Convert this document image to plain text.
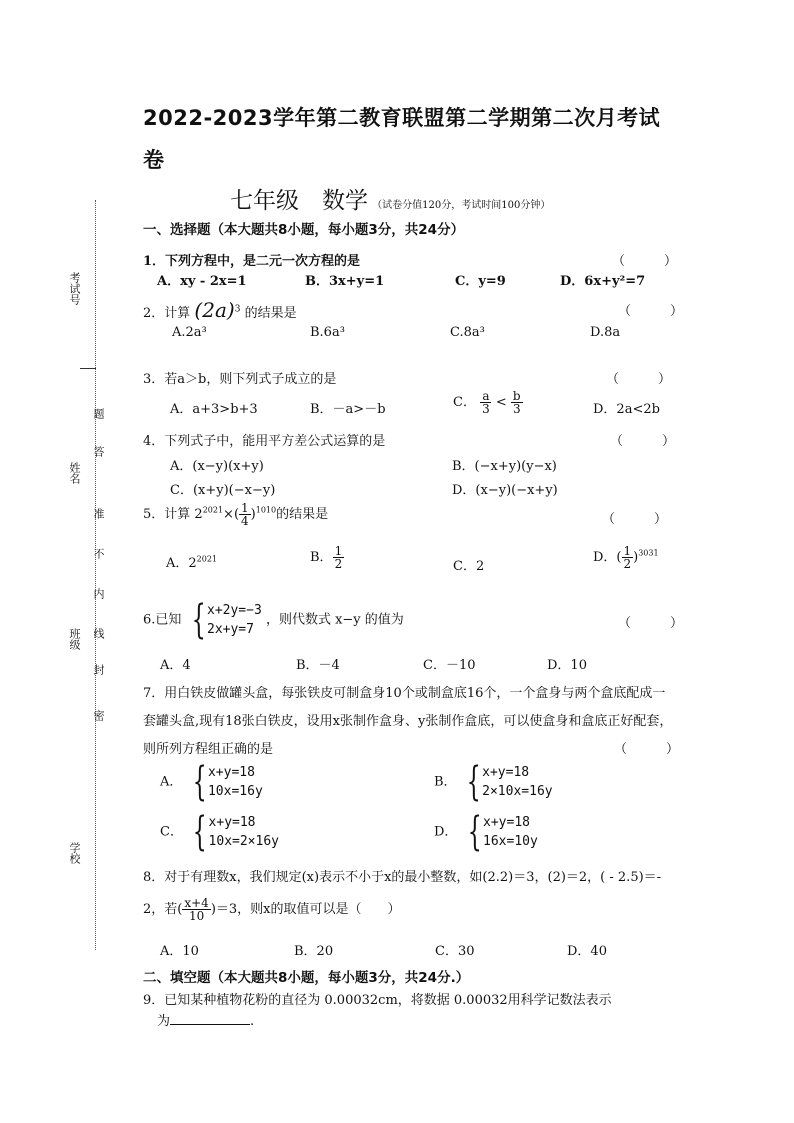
考试号
姓名
班级
学校
答
题
不
准
内
线
封
密
2022-2023学年第二教育联盟第二学期第二次月考试
卷
七年级　数学 （试卷分值120分，考试时间100分钟）
一、选择题（本大题共8小题，每小题3分，共24分）
1．下列方程中，是二元一次方程的是	（　　　）
A．xy - 2x=1	B．3x+y=1	C．y=9	D．6x+y²=7
2．计算 $(2a)^3$ 的结果是	（　　　）
A.2a³	B.6a³	C.8a³	D.8a
3．若a＞b，则下列式子成立的是	（　　　）
A．a+3>b+3	B．－a>－b	C． $\frac{a}{3} < \frac{b}{3}$	D．2a<2b
4．下列式子中，能用平方差公式运算的是	（　　　）
A．(x−y)(x+y)	B．(−x+y)(y−x)
C．(x+y)(−x−y)	D．(x−y)(−x+y)
5．计算 $2^{2021}\times( \frac{1}{4} )^{1010}$的结果是	（　　　）
A．$2^{2021}$	B． $\frac{1}{2}$	C．2
D．( $\frac{1}{2} )^{3031}$
6.已知 { x+2y=−3
2x+y=7
，则代数式 x−y 的值为	（　　　）
A．4	B．－4	C．－10	D．10
7．用白铁皮做罐头盒，每张铁皮可制盒身10个或制盒底16个，一个盒身与两个盒底配成一
套罐头盒,现有18张白铁皮，设用x张制作盒身、y张制作盒底，可以使盒身和盒底正好配套，
则所列方程组正确的是	（　　　）
A． { x+y=18
10x=16y
B． { x+y=18
2×10x=16y
C． { x+y=18
10x=2×16y
D． { x+y=18
16x=10y
8．对于有理数x，我们规定(x)表示不小于x的最小整数，如(2.2)＝3，(2)＝2，( - 2.5)＝-
2，若( $\frac{x+4}{10} )=3$，则x的取值可以是（　　）
A．10	B．20	C．30	D．40
二、填空题（本大题共8小题，每小题3分，共24分.）
9．已知某种植物花粉的直径为 0.00032cm，将数据 0.00032用科学记数法表示
为	.
